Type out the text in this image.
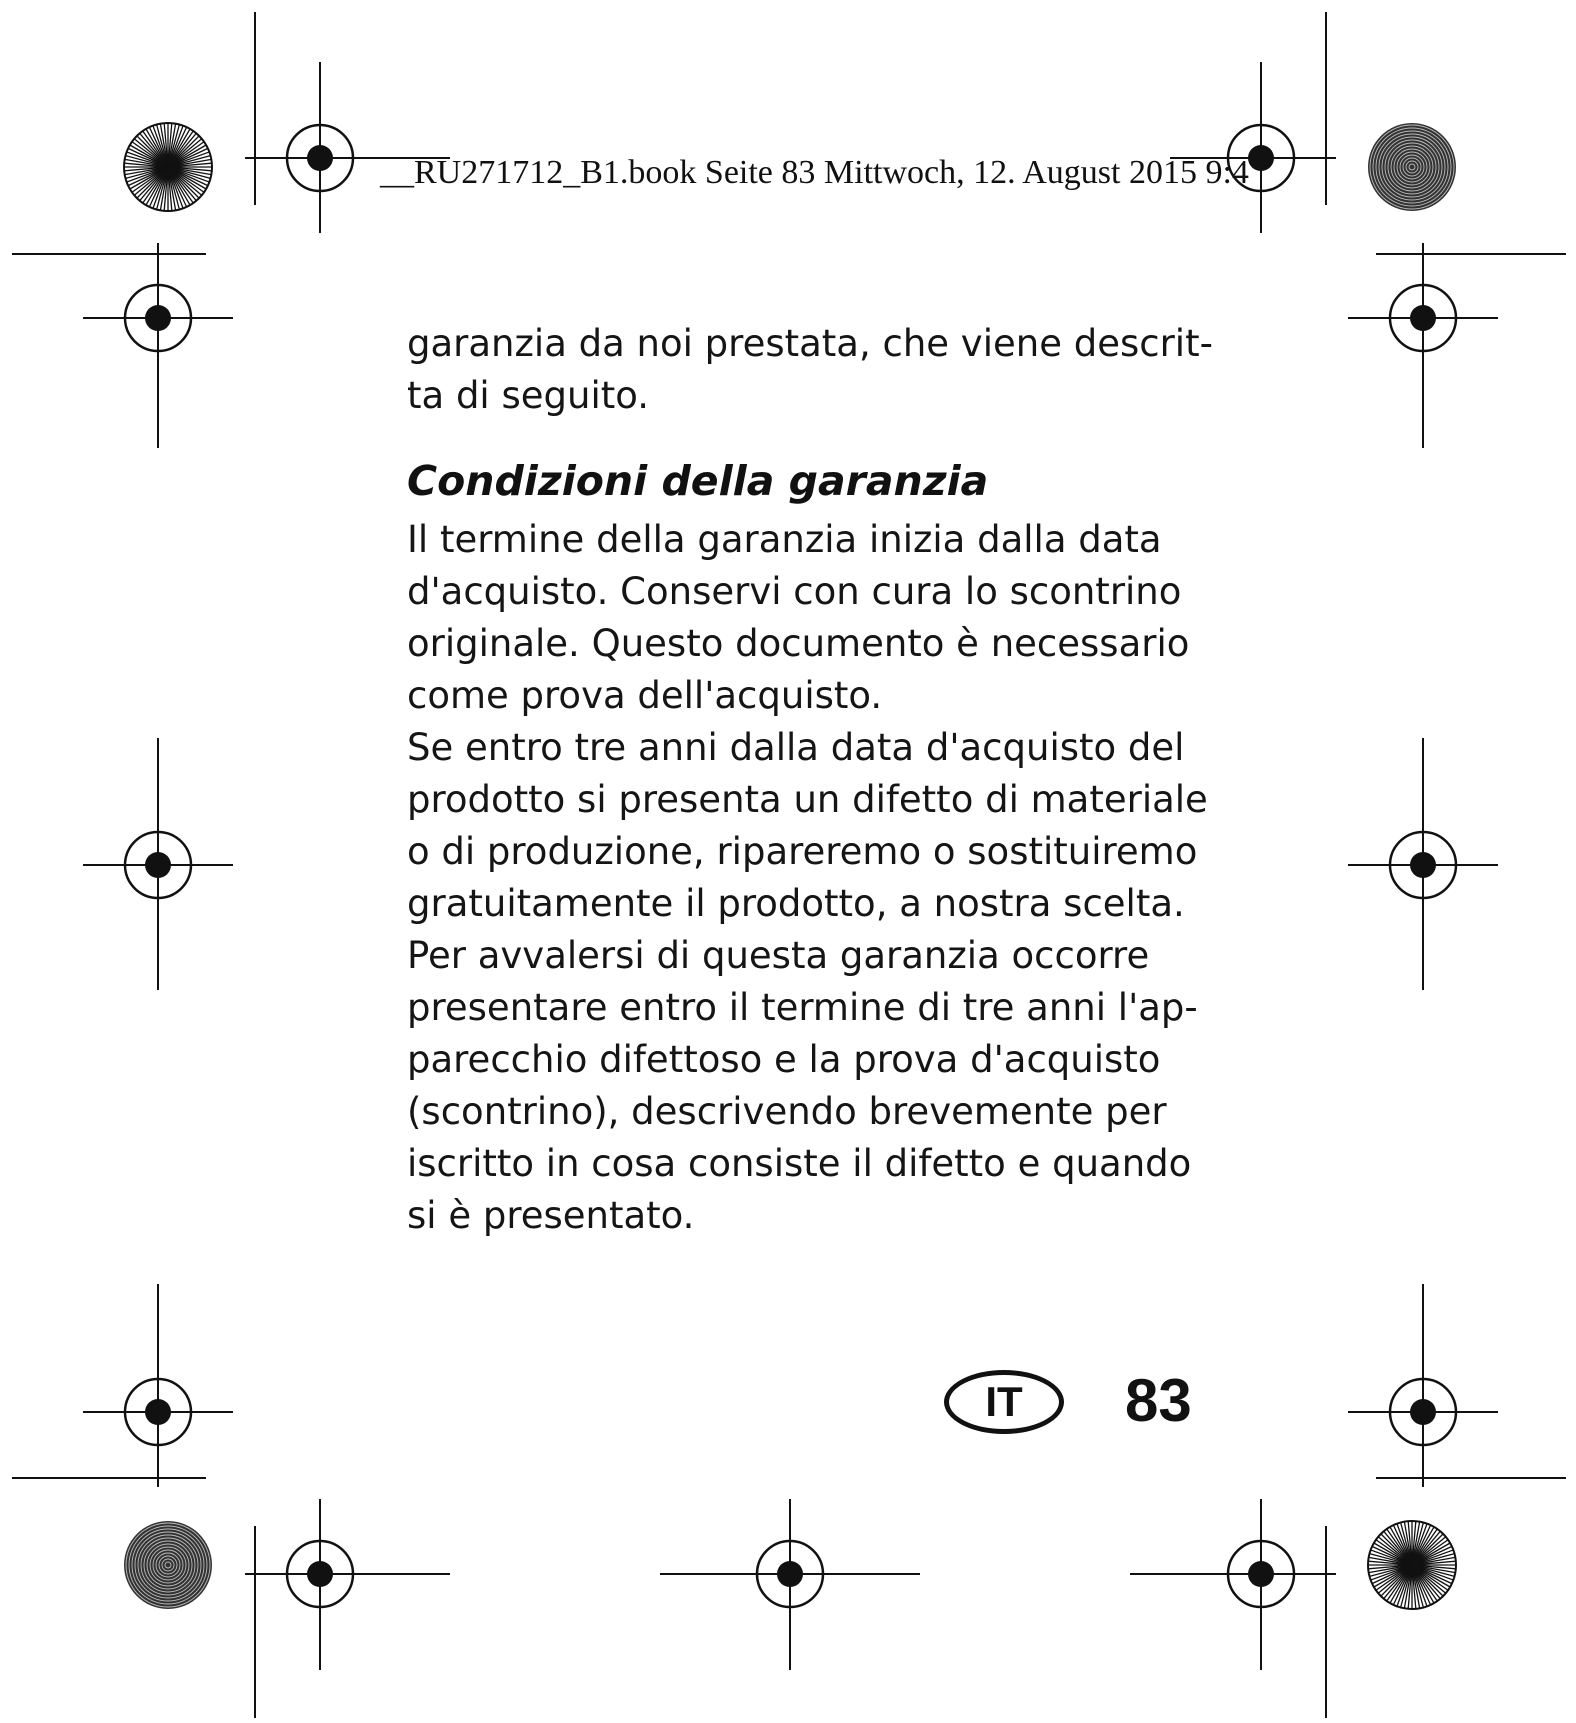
__RU271712_B1.book Seite 83 Mittwoch, 12. August 2015 9:4

garanzia da noi prestata, che viene descrit-
ta di seguito.

Condizioni della garanzia

Il termine della garanzia inizia dalla data
d'acquisto. Conservi con cura lo scontrino
originale. Questo documento è necessario
come prova dell'acquisto.

Se entro tre anni dalla data d'acquisto del
prodotto si presenta un difetto di materiale
o di produzione, ripareremo o sostituiremo
gratuitamente il prodotto, a nostra scelta.

Per avvalersi di questa garanzia occorre
presentare entro il termine di tre anni l'ap-
parecchio difettoso e la prova d'acquisto
(scontrino), descrivendo brevemente per
iscritto in cosa consiste il difetto e quando
si è presentato.

IT	83
